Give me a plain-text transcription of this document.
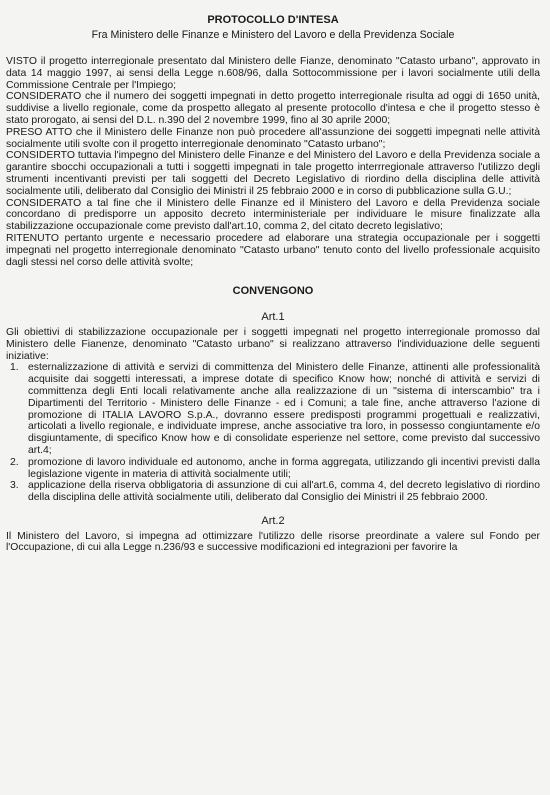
PROTOCOLLO D'INTESA

Fra Ministero delle Finanze e Ministero del Lavoro e della Previdenza Sociale

VISTO il progetto interregionale presentato dal Ministero delle Fianze, denominato "Catasto urbano", approvato in data 14 maggio 1997, ai sensi della Legge n.608/96, dalla Sottocommissione per i lavori socialmente utili della Commissione Centrale per l'Impiego;

CONSIDERATO che il numero dei soggetti impegnati in detto progetto interregionale risulta ad oggi di 1650 unità, suddivise a livello regionale, come da prospetto allegato al presente protocollo d'intesa e che il progetto stesso è stato prorogato, ai sensi del D.L. n.390 del 2 novembre 1999, fino al 30 aprile 2000;

PRESO ATTO che il Ministero delle Finanze non può procedere all'assunzione dei soggetti impegnati nelle attività socialmente utili svolte con il progetto interregionale denominato "Catasto urbano";

CONSIDERTO tuttavia l'impegno del Ministero delle Finanze e del Ministero del Lavoro e della Previdenza sociale a garantire sbocchi occupazionali a tutti i soggetti impegnati in tale progetto interrregionale attraverso l'utilizzo degli strumenti incentivanti previsti per tali soggetti del Decreto Legislativo di riordino della disciplina delle attività socialmente utili, deliberato dal Consiglio dei Ministri il 25 febbraio 2000 e in corso di pubblicazione sulla G.U.;

CONSIDERATO a tal fine che il Ministero delle Finanze ed il Ministero del Lavoro e della Previdenza sociale concordano di predisporre un apposito decreto interministeriale per individuare le misure finalizzate alla stabilizzazione occupazionale come previsto dall'art.10, comma 2, del citato decreto legislativo;

RITENUTO pertanto urgente e necessario procedere ad elaborare una strategia occupazionale per i soggetti impegnati nel progetto interregionale denominato "Catasto urbano" tenuto conto del livello professionale acquisito dagli stessi nel corso delle attività svolte;

CONVENGONO

Art.1

Gli obiettivi di stabilizzazione occupazionale per i soggetti impegnati nel progetto interregionale promosso dal Ministero delle Fianenze, denominato "Catasto urbano" si realizzano attraverso l'individuazione delle seguenti iniziative:

1. esternalizzazione di attività e servizi di committenza del Ministero delle Finanze, attinenti alle professionalità acquisite dai soggetti interessati, a imprese dotate di specifico Know how; nonché di attività e servizi di committenza degli Enti locali relativamente anche alla realizzazione di un "sistema di interscambio" tra i Dipartimenti del Territorio - Ministero delle Finanze - ed i Comuni; a tale fine, anche attraverso l'azione di promozione di ITALIA LAVORO S.p.A., dovranno essere predisposti programmi progettuali e realizzativi, articolati a livello regionale, e individuate imprese, anche associative tra loro, in possesso congiuntamente e/o disgiuntamente, di specifico Know how e di consolidate esperienze nel settore, come previsto dal successivo art.4;
2. promozione di lavoro individuale ed autonomo, anche in forma aggregata, utilizzando gli incentivi previsti dalla legislazione vigente in materia di attività socialmente utili;
3. applicazione della riserva obbligatoria di assunzione di cui all'art.6, comma 4, del decreto legislativo di riordino della disciplina delle attività socialmente utili, deliberato dal Consiglio dei Ministri il 25 febbraio 2000.

Art.2

Il Ministero del Lavoro, si impegna ad ottimizzare l'utilizzo delle risorse preordinate a valere sul Fondo per l'Occupazione, di cui alla Legge n.236/93 e successive modificazioni ed integrazioni per favorire la
